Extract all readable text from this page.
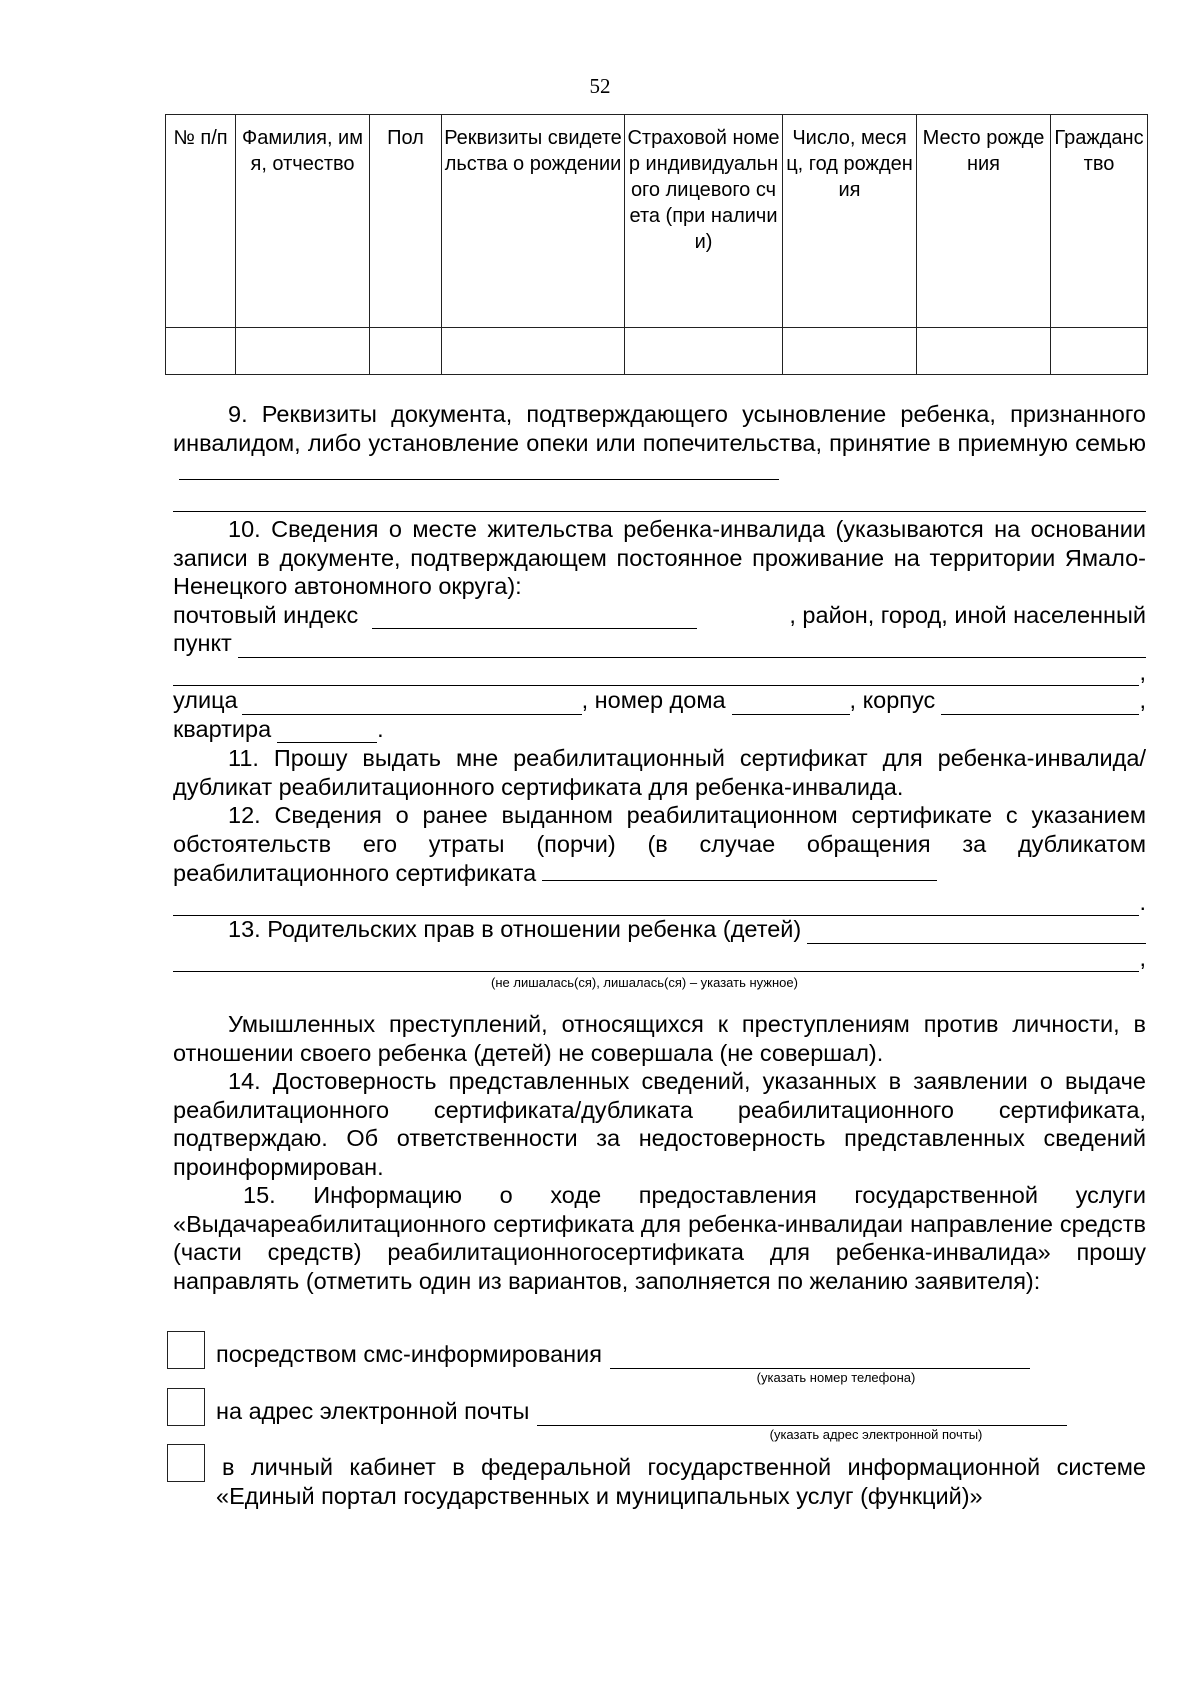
52
№ п/п	Фамилия, имя, отчество	Пол	Реквизиты свидетельства о рождении	Страховой номер индивидуального лицевого счета (при наличии)	Число, месяц, год рождения	Место рождения	Гражданство

9. Реквизиты документа, подтверждающего усыновление ребенка, признанного инвалидом, либо установление опеки или попечительства, принятие в приемную семью

10. Сведения о месте жительства ребенка-инвалида (указываются на основании записи в документе, подтверждающем постоянное проживание на территории Ямало-Ненецкого автономного округа):

почтовый индекс	, район, город, иной населенный
пункт
,
улица	, номер дома	, корпус	,
квартира	.

11. Прошу выдать мне реабилитационный сертификат для ребенка-инвалида/дубликат реабилитационного сертификата для ребенка-инвалида.

12. Сведения о ранее выданном реабилитационном сертификате с указанием обстоятельств его утраты (порчи) (в случае обращения за дубликатом реабилитационного сертификата

.
13. Родительских прав в отношении ребенка (детей)
,
(не лишалась(ся), лишалась(ся) – указать нужное)

Умышленных преступлений, относящихся к преступлениям против личности, в отношении своего ребенка (детей) не совершала (не совершал).

14. Достоверность представленных сведений, указанных в заявлении о выдаче реабилитационного сертификата/дубликата реабилитационного сертификата, подтверждаю. Об ответственности за недостоверность представленных сведений проинформирован.

15. Информацию о ходе предоставления государственной услуги «Выдачареабилитационного сертификата для ребенка-инвалидаи направление средств (части средств) реабилитационногосертификата для ребенка-инвалида» прошу направлять (отметить один из вариантов, заполняется по желанию заявителя):

посредством смс-информирования
(указать номер телефона)
на адрес электронной почты
(указать адрес электронной почты)

в личный кабинет в федеральной государственной информационной системе «Единый портал государственных и муниципальных услуг (функций)»
